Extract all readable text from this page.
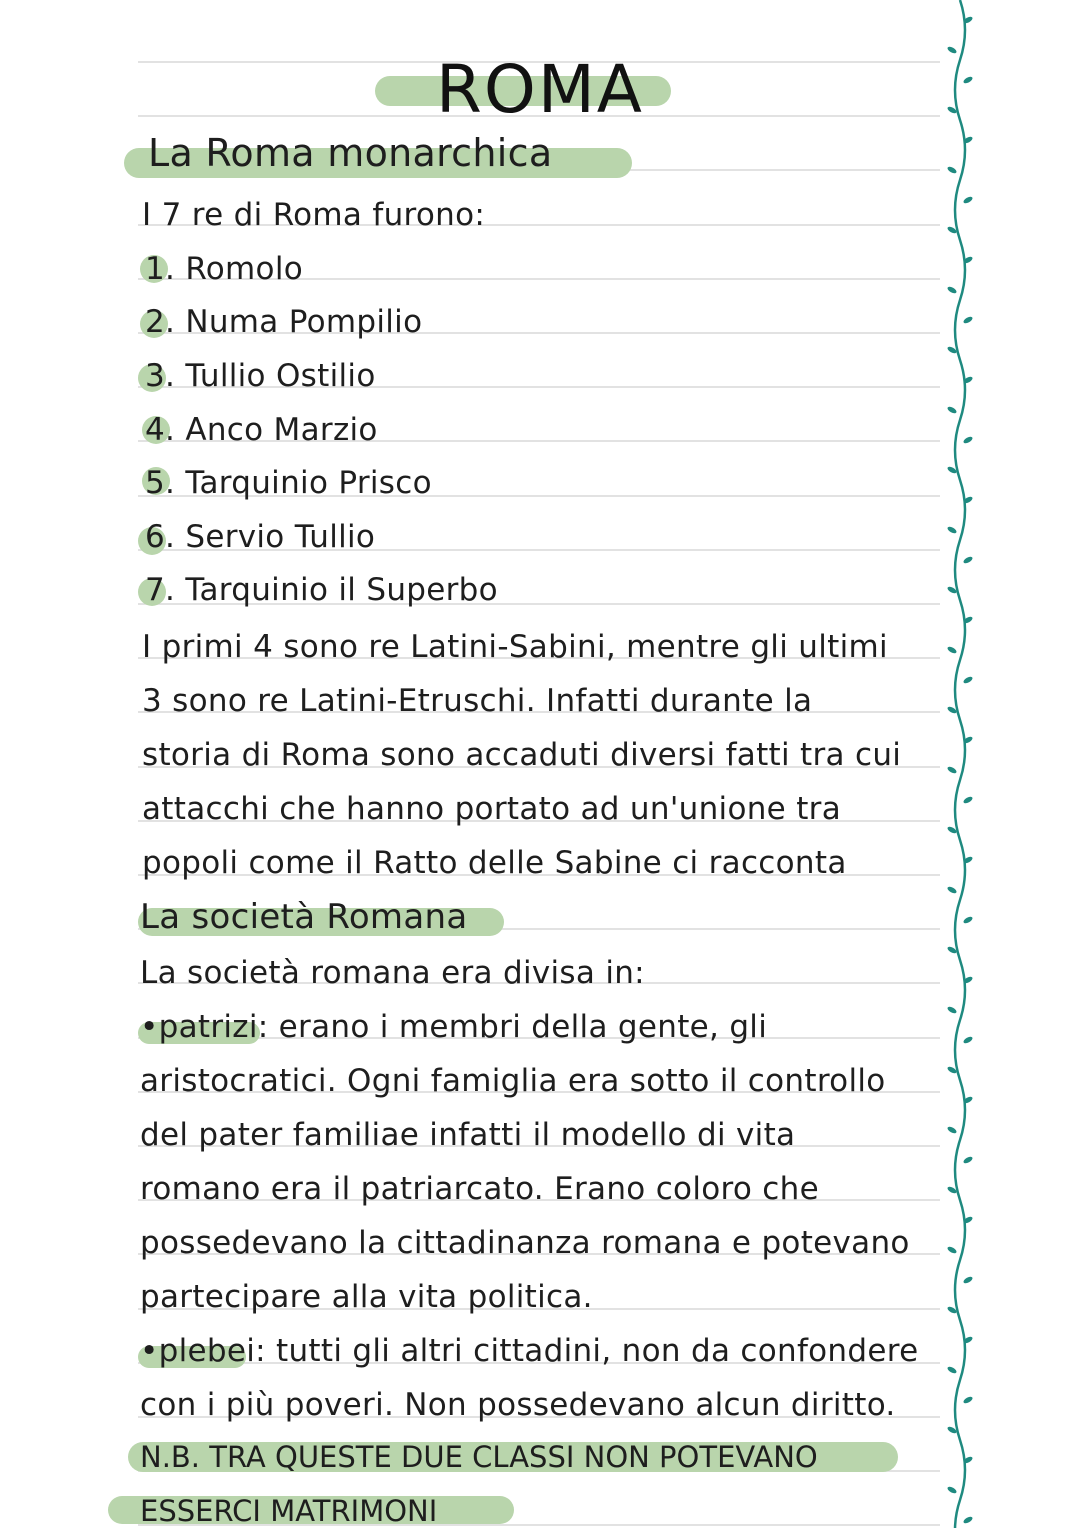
ROMA
La Roma monarchica
I 7 re di Roma furono:
1. Romolo
2. Numa Pompilio
3. Tullio Ostilio
4. Anco Marzio
5. Tarquinio Prisco
6. Servio Tullio
7. Tarquinio il Superbo
I primi 4 sono re Latini-Sabini, mentre gli ultimi
3 sono re Latini-Etruschi. Infatti durante la
storia di Roma sono accaduti diversi fatti tra cui
attacchi che hanno portato ad un'unione tra
popoli come il Ratto delle Sabine ci racconta
La società Romana
La società romana era divisa in:
•patrizi: erano i membri della gente, gli
aristocratici. Ogni famiglia era sotto il controllo
del pater familiae infatti il modello di vita
romano era il patriarcato. Erano coloro che
possedevano la cittadinanza romana e potevano
partecipare alla vita politica.
•plebei: tutti gli altri cittadini, non da confondere
con i più poveri. Non possedevano alcun diritto.
N.B. TRA QUESTE DUE CLASSI NON POTEVANO
ESSERCI MATRIMONI
